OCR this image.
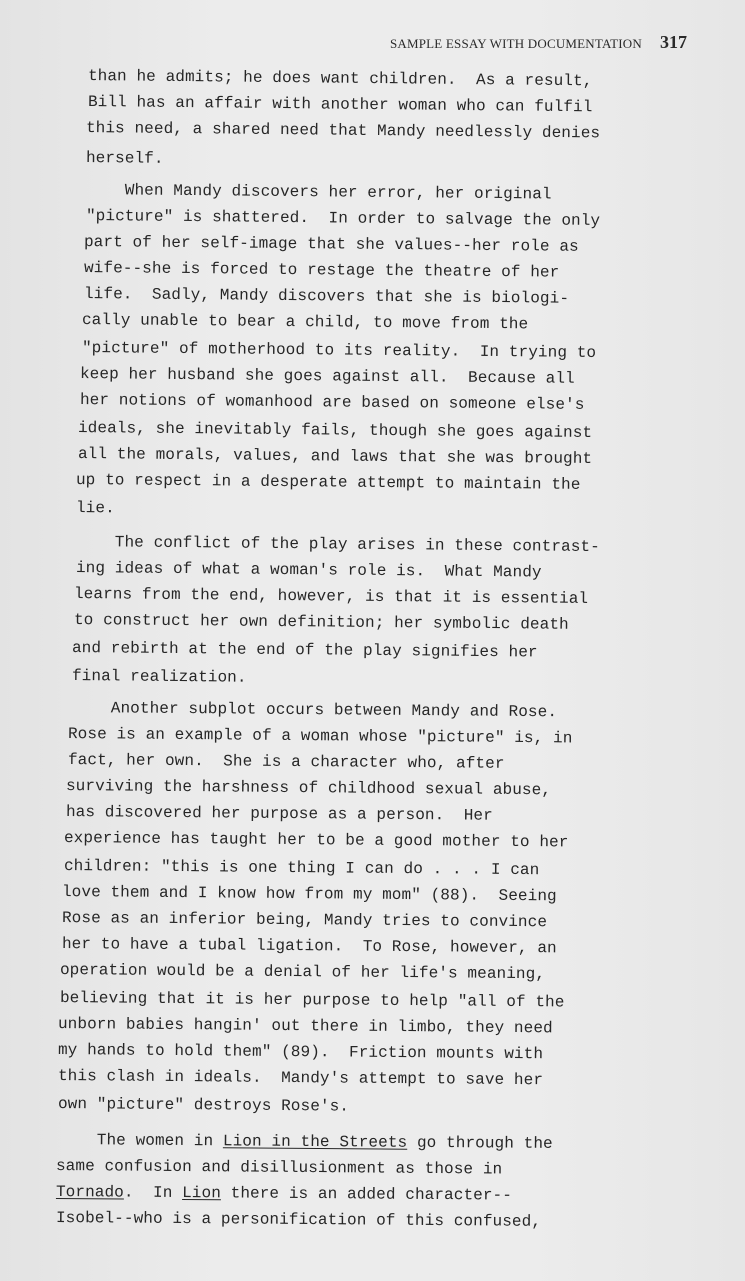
SAMPLE ESSAY WITH DOCUMENTATION 317
than he admits; he does want children.  As a result,
Bill has an affair with another woman who can fulfil
this need, a shared need that Mandy needlessly denies
herself.
When Mandy discovers her error, her original
"picture" is shattered.  In order to salvage the only
part of her self-image that she values--her role as
wife--she is forced to restage the theatre of her
life.  Sadly, Mandy discovers that she is biologi-
cally unable to bear a child, to move from the
"picture" of motherhood to its reality.  In trying to
keep her husband she goes against all.  Because all
her notions of womanhood are based on someone else's
ideals, she inevitably fails, though she goes against
all the morals, values, and laws that she was brought
up to respect in a desperate attempt to maintain the
lie.
The conflict of the play arises in these contrast-
ing ideas of what a woman's role is.  What Mandy
learns from the end, however, is that it is essential
to construct her own definition; her symbolic death
and rebirth at the end of the play signifies her
final realization.
Another subplot occurs between Mandy and Rose.
Rose is an example of a woman whose "picture" is, in
fact, her own.  She is a character who, after
surviving the harshness of childhood sexual abuse,
has discovered her purpose as a person.  Her
experience has taught her to be a good mother to her
children: "this is one thing I can do . . . I can
love them and I know how from my mom" (88).  Seeing
Rose as an inferior being, Mandy tries to convince
her to have a tubal ligation.  To Rose, however, an
operation would be a denial of her life's meaning,
believing that it is her purpose to help "all of the
unborn babies hangin' out there in limbo, they need
my hands to hold them" (89).  Friction mounts with
this clash in ideals.  Mandy's attempt to save her
own "picture" destroys Rose's.
The women in Lion in the Streets go through the
same confusion and disillusionment as those in
Tornado.  In Lion there is an added character--
Isobel--who is a personification of this confused,
